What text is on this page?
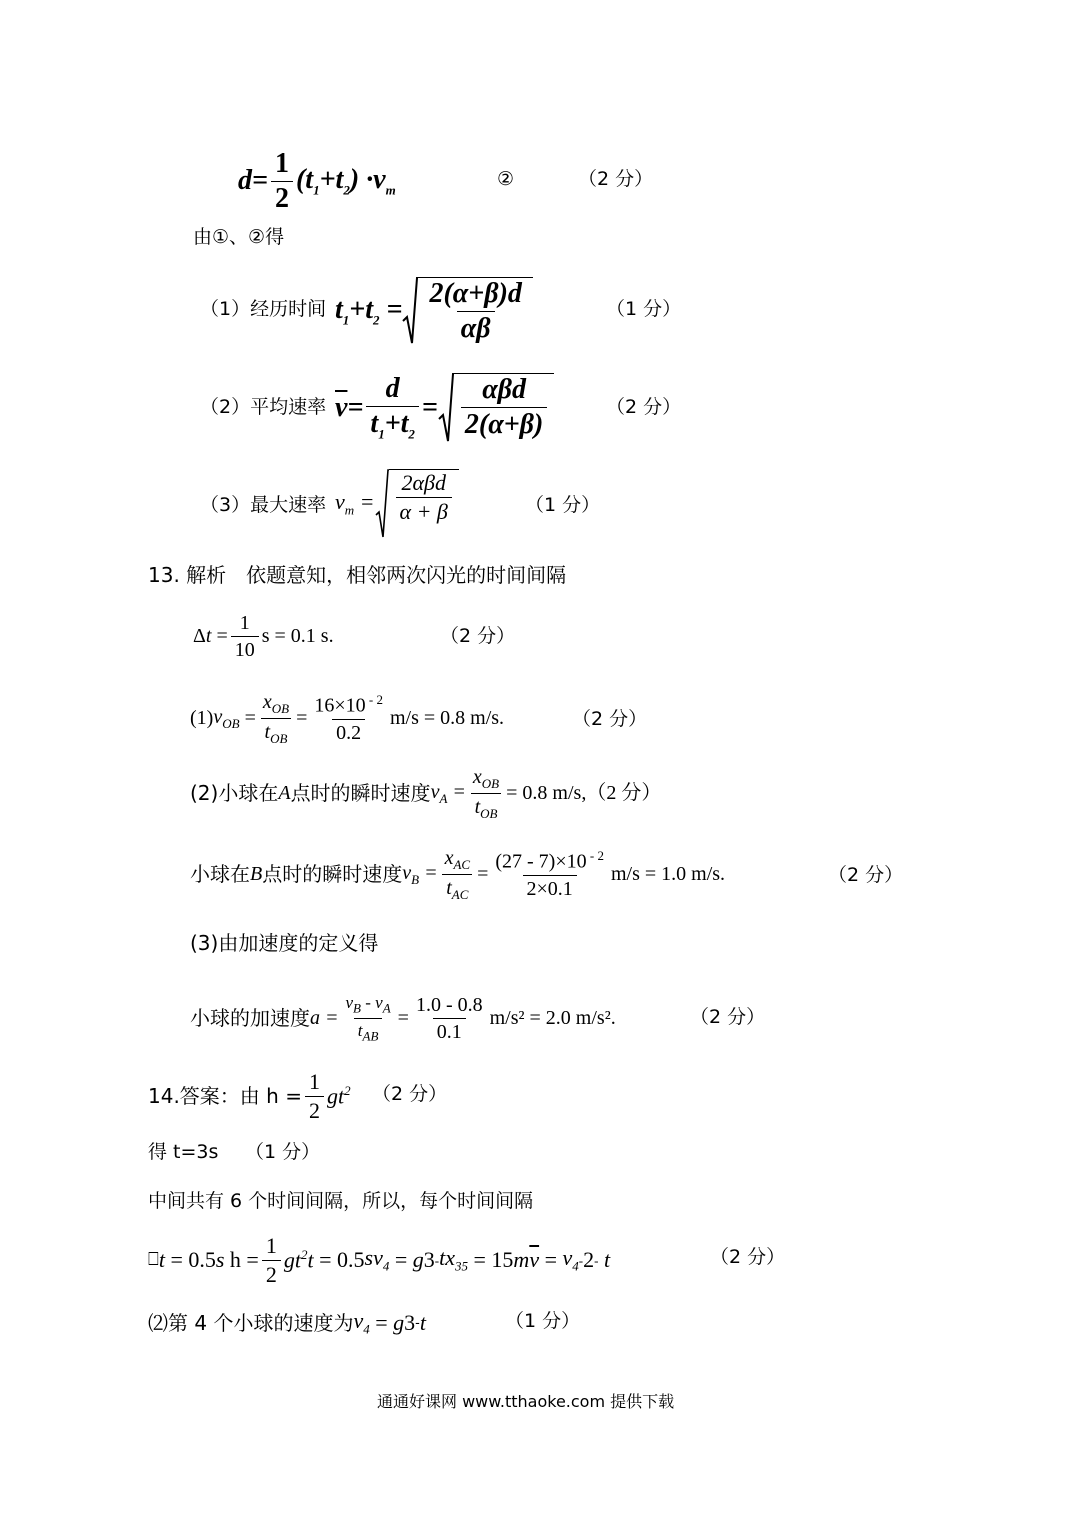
$d= \frac{1}{2} (t_1+t_2) \cdot v_m$	②	（2 分）
由①、②得
（1）经历时间 $t_1+t_2 = \frac{2(\alpha+\beta)d}{\alpha\beta}$	（1 分）
（2）平均速率 $\overline{v} = \frac{d}{t_1+t_2} = \frac{\text{αβd}}{2(\alpha+\beta)}$	（2 分）
（3）最大速率 $v_m = \frac{\text{2αβd}}{\alpha + \beta}$	（1 分）
13. 解析　依题意知，相邻两次闪光的时间间隔
$\Delta t = \frac{1}{10}$ s = 0.1 s.	（2 分）
(1) $v_{OB} = \frac{x_{OB}}{t_{OB}} = \frac{16\times 10 ^{- 2}}{0.2} m/s = 0.8$ m/s.	（2 分）
(2)小球在 A 点时的瞬时速度 $v_A = \frac{x_{OB}}{t_{OB}} = 0.8$ m/s,（2 分）
小球在 B 点时的瞬时速度 $v_B = \frac{x_{AC}}{t_{AC}} = \frac{(27 - 7)\times 10 ^{- 2}}{2\times 0.1} m/s = 1.0$ m/s.	（2 分）
(3)由加速度的定义得
小球的加速度 $a = \frac{v_B - v_A}{t_{AB}} = \frac{1.0 - 0.8}{0.1} m/s^2 = 2.0$ m/s².	（2 分）
14.答案：由 $h = \frac{1}{2} gt^2$ （2 分）
得 t=3s （1 分）
中间共有 6 个时间间隔，所以，每个时间间隔
⎕ t = 0.5 s $h = \frac{1}{2} gt^2t = 0.5$ $sv_4 = g$ $3 - tx_{35} = 15$ $m\overline{v} = v_4 - 2 - t$	（2 分）
⑵第 4 个小球的速度为 $v_4 = g$ 3 - t	（1 分）
通通好课网 www.tthaoke.com 提供下载
